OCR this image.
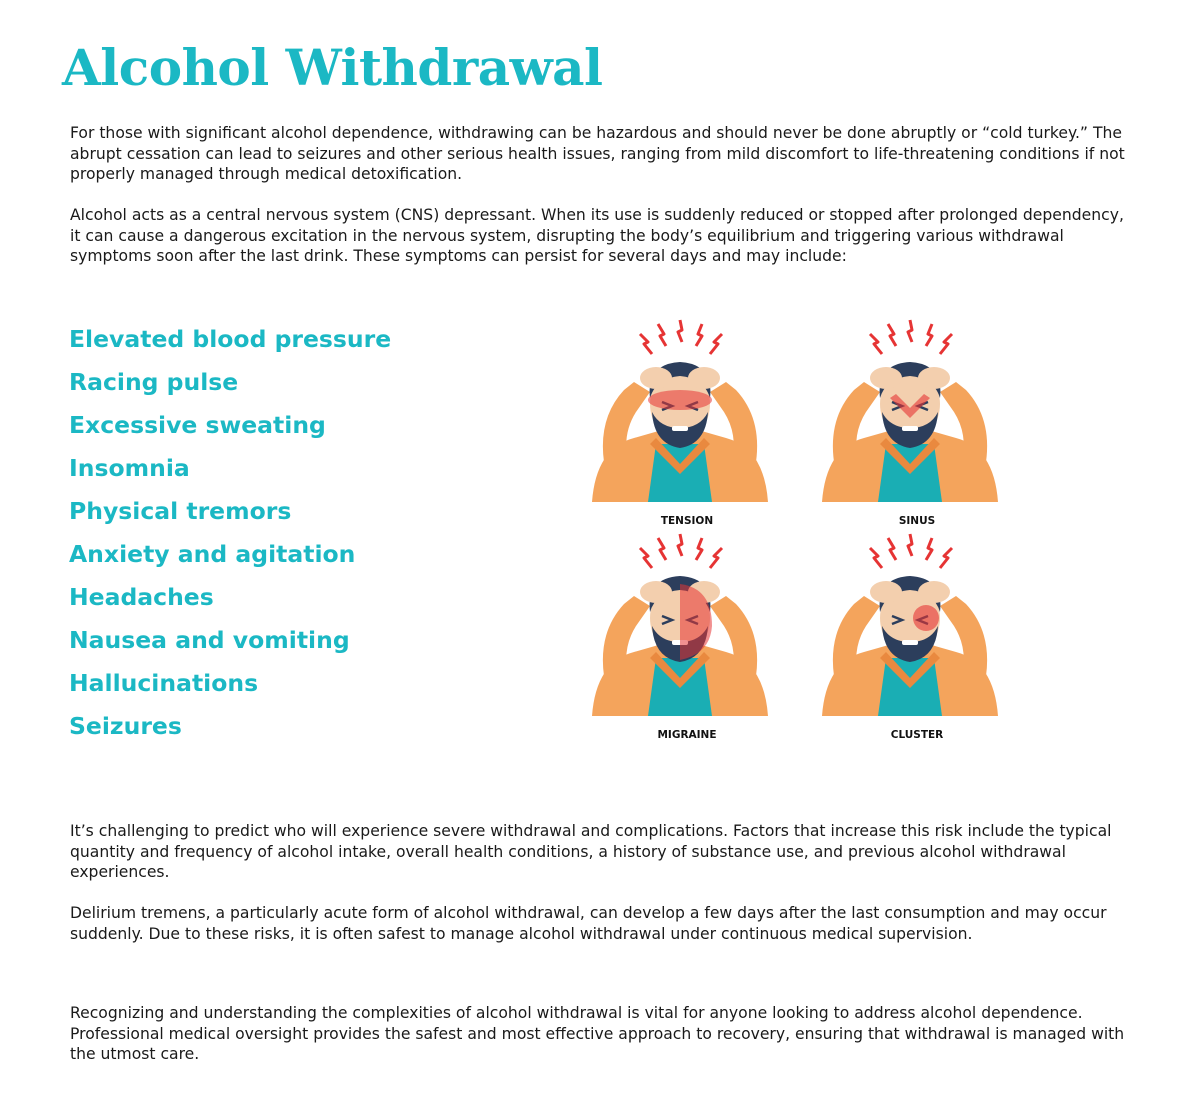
Alcohol Withdrawal

For those with significant alcohol dependence, withdrawing can be hazardous and should never be done abruptly or “cold turkey.” The abrupt cessation can lead to seizures and other serious health issues, ranging from mild discomfort to life-threatening conditions if not properly managed through medical detoxification.

Alcohol acts as a central nervous system (CNS) depressant. When its use is suddenly reduced or stopped after prolonged dependency, it can cause a dangerous excitation in the nervous system, disrupting the body’s equilibrium and triggering various withdrawal symptoms soon after the last drink. These symptoms can persist for several days and may include:

Elevated blood pressure
Racing pulse
Excessive sweating
Insomnia
Physical tremors
Anxiety and agitation
Headaches
Nausea and vomiting
Hallucinations
Seizures
TENSION	SINUS
MIGRAINE	CLUSTER

It’s challenging to predict who will experience severe withdrawal and complications. Factors that increase this risk include the typical quantity and frequency of alcohol intake, overall health conditions, a history of substance use, and previous alcohol withdrawal experiences.

Delirium tremens, a particularly acute form of alcohol withdrawal, can develop a few days after the last consumption and may occur suddenly. Due to these risks, it is often safest to manage alcohol withdrawal under continuous medical supervision.

Recognizing and understanding the complexities of alcohol withdrawal is vital for anyone looking to address alcohol dependence. Professional medical oversight provides the safest and most effective approach to recovery, ensuring that withdrawal is managed with the utmost care.
